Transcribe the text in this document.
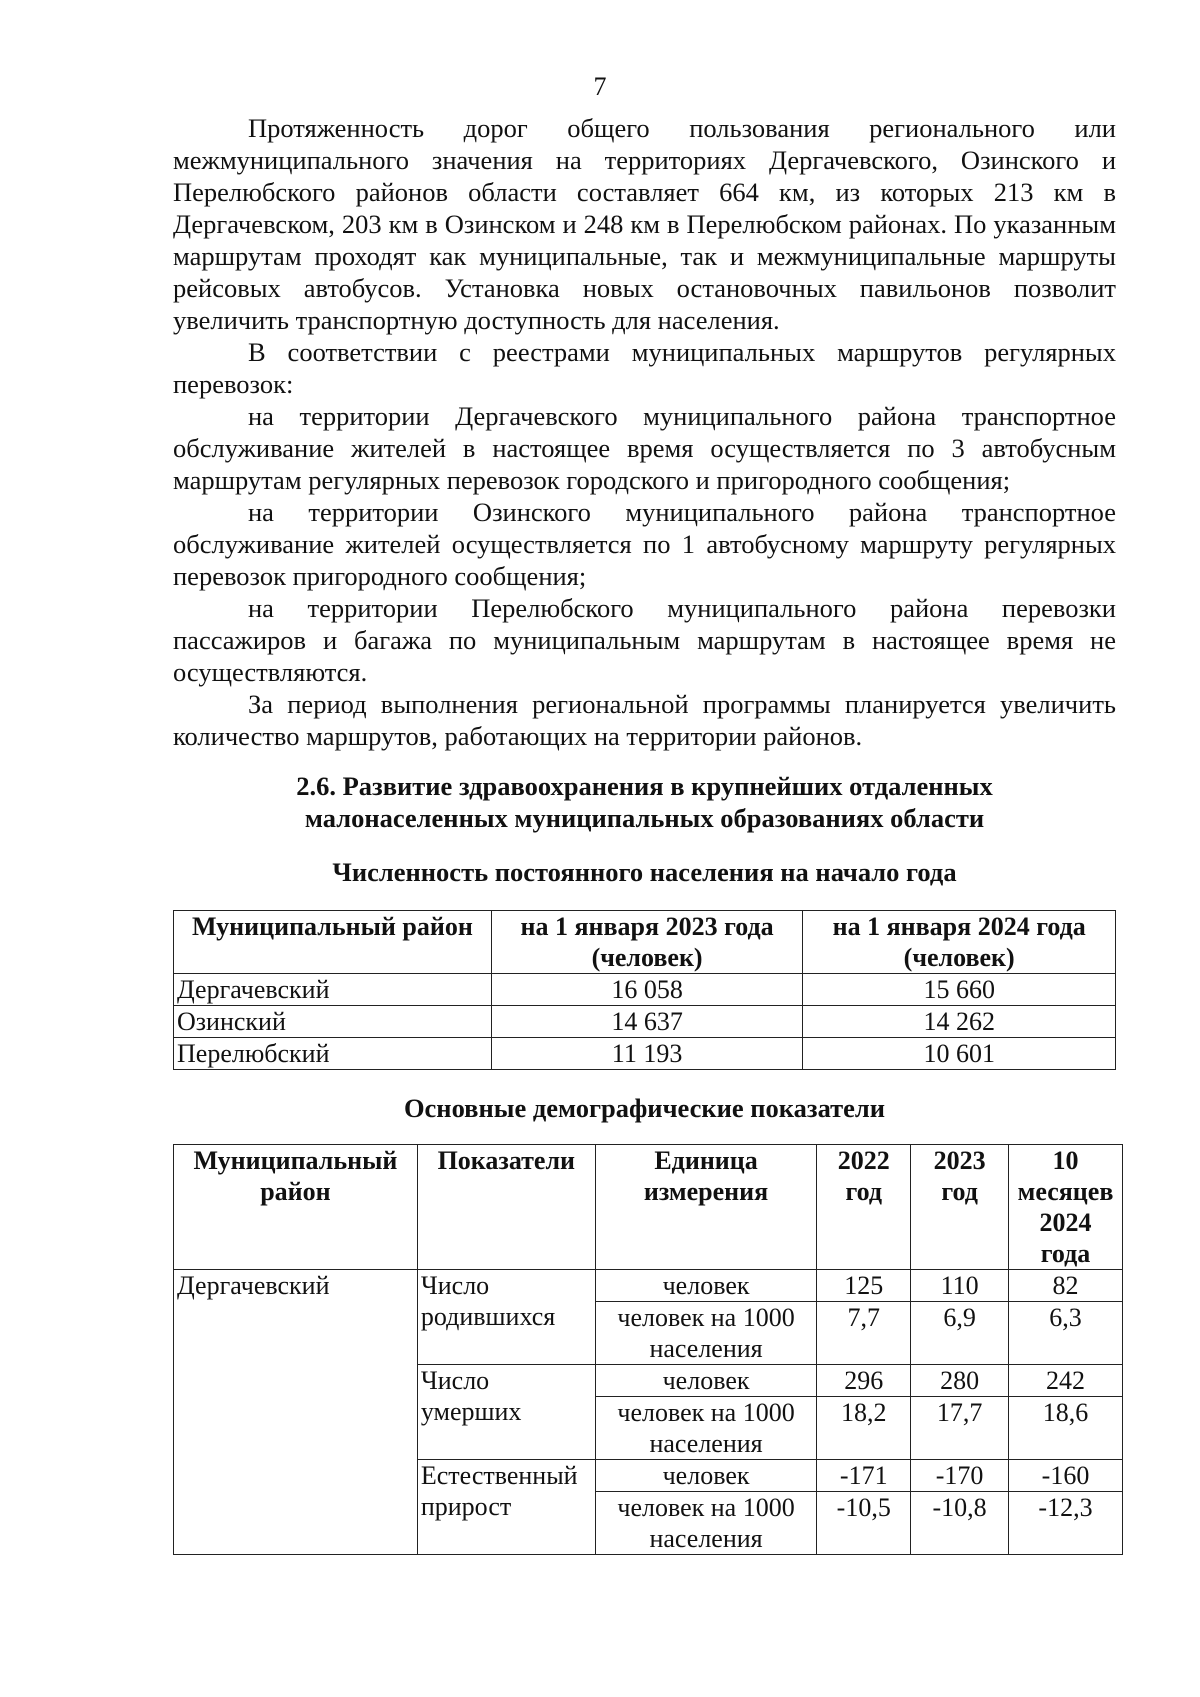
7

Протяженность дорог общего пользования регионального или межмуниципального значения на территориях Дергачевского, Озинского и Перелюбского районов области составляет 664 км, из которых 213 км в Дергачевском, 203 км в Озинском и 248 км в Перелюбском районах. По указанным маршрутам проходят как муниципальные, так и межмуниципальные маршруты рейсовых автобусов. Установка новых остановочных павильонов позволит увеличить транспортную доступность для населения.

В соответствии с реестрами муниципальных маршрутов регулярных перевозок:

на территории Дергачевского муниципального района транспортное обслуживание жителей в настоящее время осуществляется по 3 автобусным маршрутам регулярных перевозок городского и пригородного сообщения;

на территории Озинского муниципального района транспортное обслуживание жителей осуществляется по 1 автобусному маршруту регулярных перевозок пригородного сообщения;

на территории Перелюбского муниципального района перевозки пассажиров и багажа по муниципальным маршрутам в настоящее время не осуществляются.

За период выполнения региональной программы планируется увеличить количество маршрутов, работающих на территории районов.

2.6. Развитие здравоохранения в крупнейших отдаленных
малонаселенных муниципальных образованиях области
Численность постоянного населения на начало года
Муниципальный район	на 1 января 2023 года (человек)	на 1 января 2024 года (человек)
Дергачевский	16 058	15 660
Озинский	14 637	14 262
Перелюбский	11 193	10 601
Основные демографические показатели
Муниципальный район	Показатели	Единица измерения	2022 год	2023 год	10 месяцев 2024 года
Дергачевский	Число родившихся	человек	125	110	82
		человек на 1000 населения	7,7	6,9	6,3
	Число умерших	человек	296	280	242
		человек на 1000 населения	18,2	17,7	18,6
	Естественный прирост	человек	-171	-170	-160
		человек на 1000 населения	-10,5	-10,8	-12,3
